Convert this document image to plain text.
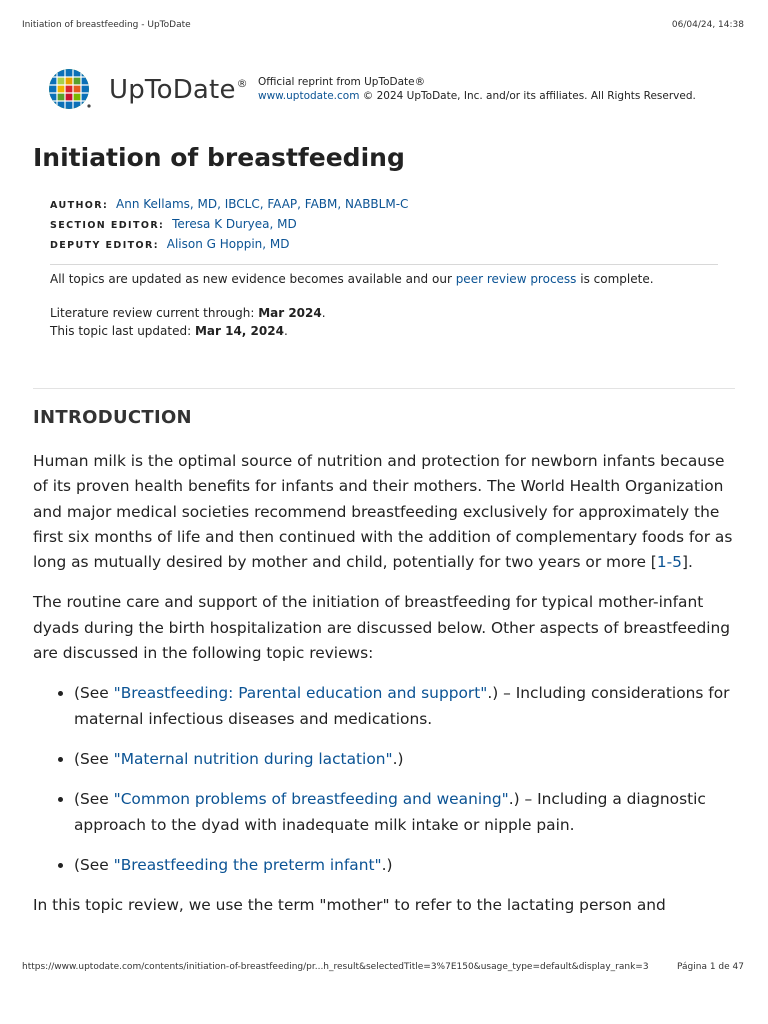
Initiation of breastfeeding - UpToDate	06/04/24, 14:38
UpToDate® Official reprint from UpToDate®
www.uptodate.com © 2024 UpToDate, Inc. and/or its affiliates. All Rights Reserved.
Initiation of breastfeeding
AUTHOR: Ann Kellams, MD, IBCLC, FAAP, FABM, NABBLM-C
SECTION EDITOR: Teresa K Duryea, MD
DEPUTY EDITOR: Alison G Hoppin, MD
All topics are updated as new evidence becomes available and our peer review process is complete.
Literature review current through: Mar 2024.
This topic last updated: Mar 14, 2024.
INTRODUCTION

Human milk is the optimal source of nutrition and protection for newborn infants because of its proven health benefits for infants and their mothers. The World Health Organization and major medical societies recommend breastfeeding exclusively for approximately the first six months of life and then continued with the addition of complementary foods for as long as mutually desired by mother and child, potentially for two years or more [1-5].

The routine care and support of the initiation of breastfeeding for typical mother-infant dyads during the birth hospitalization are discussed below. Other aspects of breastfeeding are discussed in the following topic reviews:

• (See "Breastfeeding: Parental education and support".) – Including considerations for maternal infectious diseases and medications.
• (See "Maternal nutrition during lactation".)
• (See "Common problems of breastfeeding and weaning".) – Including a diagnostic approach to the dyad with inadequate milk intake or nipple pain.
• (See "Breastfeeding the preterm infant".)

In this topic review, we use the term "mother" to refer to the lactating person and

https://www.uptodate.com/contents/initiation-of-breastfeeding/pr...h_result&selectedTitle=3%7E150&usage_type=default&display_rank=3	Página 1 de 47
